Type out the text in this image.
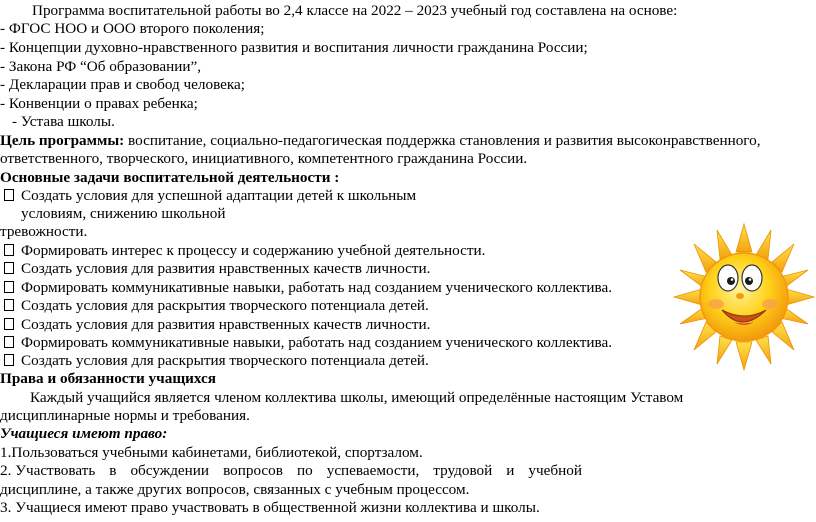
Программа воспитательной работы во 2,4 классе на 2022 – 2023 учебный год составлена на основе:
- ФГОС НОО и ООО второго поколения;
- Концепции духовно-нравственного развития и воспитания личности гражданина России;
- Закона РФ “Об образовании”,
- Декларации прав и свобод человека;
- Конвенции о правах ребенка;
- Устава школы.
Цель программы: воспитание, социально-педагогическая поддержка становления и развития высоконравственного,
ответственного, творческого, инициативного, компетентного гражданина России.
Основные задачи воспитательной деятельности :
Создать условия для успешной адаптации детей к школьным
условиям, снижению школьной
тревожности.
Формировать интерес к процессу и содержанию учебной деятельности.
Создать условия для развития нравственных качеств личности.
Формировать коммуникативные навыки, работать над созданием ученического коллектива.
Создать условия для раскрытия творческого потенциала детей.
Создать условия для развития нравственных качеств личности.
Формировать коммуникативные навыки, работать над созданием ученического коллектива.
Создать условия для раскрытия творческого потенциала детей.
Права и обязанности учащихся
Каждый учащийся является членом коллектива школы, имеющий определённые настоящим Уставом
дисциплинарные нормы и требования.
Учащиеся имеют право:
1.Пользоваться учебными кабинетами, библиотекой, спортзалом.
2. Участвовать в обсуждении вопросов по успеваемости, трудовой и учебной
дисциплине, а также других вопросов, связанных с учебным процессом.
3. Учащиеся имеют право участвовать в общественной жизни коллектива и школы.
